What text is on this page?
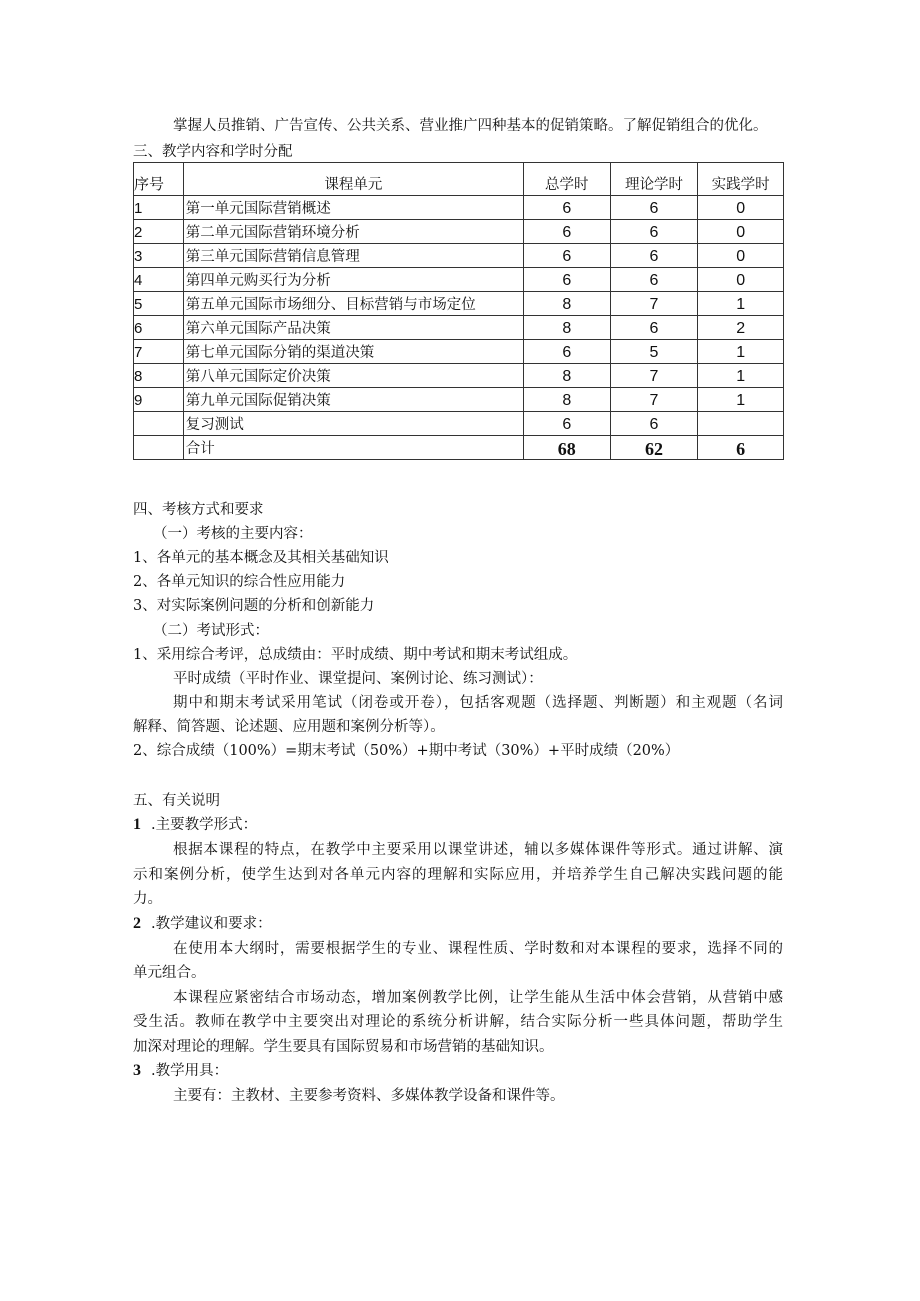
掌握人员推销、广告宣传、公共关系、营业推广四种基本的促销策略。了解促销组合的优化。
三、教学内容和学时分配
序号	课程单元	总学时	理论学时	实践学时
1	第一单元国际营销概述	6	6	0
2	第二单元国际营销环境分析	6	6	0
3	第三单元国际营销信息管理	6	6	0
4	第四单元购买行为分析	6	6	0
5	第五单元国际市场细分、目标营销与市场定位	8	7	1
6	第六单元国际产品决策	8	6	2
7	第七单元国际分销的渠道决策	6	5	1
8	第八单元国际定价决策	8	7	1
9	第九单元国际促销决策	8	7	1
	复习测试	6	6	
	合计	68	62	6
四、考核方式和要求
（一）考核的主要内容：
1、各单元的基本概念及其相关基础知识
2、各单元知识的综合性应用能力
3、对实际案例问题的分析和创新能力
（二）考试形式：
1、采用综合考评，总成绩由：平时成绩、期中考试和期末考试组成。
平时成绩（平时作业、课堂提问、案例讨论、练习测试）：
期中和期末考试采用笔试（闭卷或开卷），包括客观题（选择题、判断题）和主观题（名词
解释、简答题、论述题、应用题和案例分析等）。
2、综合成绩（100%）=期末考试（50%）+期中考试（30%）+平时成绩（20%）
五、有关说明
1 .主要教学形式：
根据本课程的特点，在教学中主要采用以课堂讲述，辅以多媒体课件等形式。通过讲解、演
示和案例分析，使学生达到对各单元内容的理解和实际应用，并培养学生自己解决实践问题的能
力。
2 .教学建议和要求：
在使用本大纲时，需要根据学生的专业、课程性质、学时数和对本课程的要求，选择不同的
单元组合。
本课程应紧密结合市场动态，增加案例教学比例，让学生能从生活中体会营销，从营销中感
受生活。教师在教学中主要突出对理论的系统分析讲解，结合实际分析一些具体问题，帮助学生
加深对理论的理解。学生要具有国际贸易和市场营销的基础知识。
3 .教学用具：
主要有：主教材、主要参考资料、多媒体教学设备和课件等。
